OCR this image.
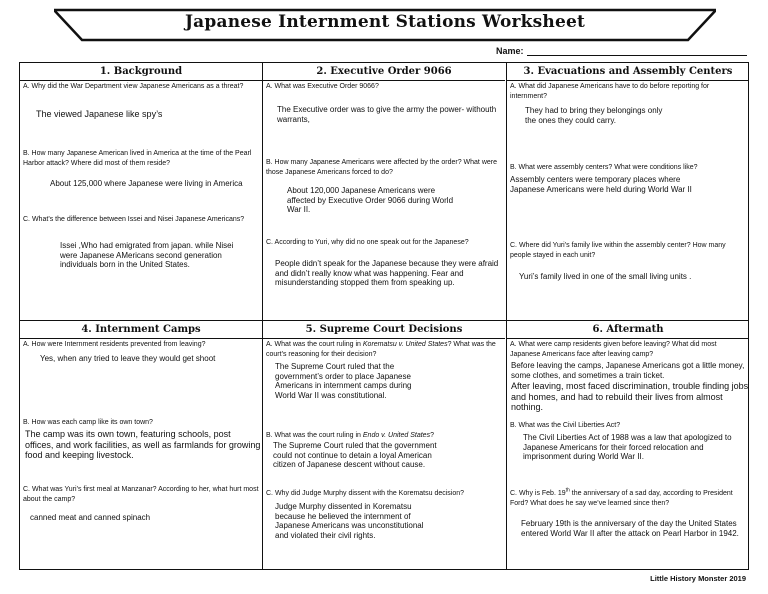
Japanese Internment Stations Worksheet
Name:
1. Background
A. Why did the War Department view Japanese Americans as a threat?
The viewed Japanese like spy’s
B. How many Japanese American lived in America at the time of the Pearl Harbor attack? Where did most of them reside?
About 125,000 where Japanese were living in America
C. What’s the difference between Issei and Nisei Japanese Americans?
Issei ,Who had emigrated from japan. while Nisei were Japanese AMericans second generation individuals born in the United States.
2. Executive Order 9066
A. What was Executive Order 9066?
The Executive order was to give the army the power- withouth warrants,
B. How many Japanese Americans were affected by the order? What were those Japanese Americans forced to do?
About 120,000 Japanese Americans were affected by Executive Order 9066 during World War II.
C. According to Yuri, why did no one speak out for the Japanese?
People didn’t speak for the Japanese because they were afraid and didn’t really know what was happening. Fear and misunderstanding stopped them from speaking up.
3. Evacuations and Assembly Centers
A. What did Japanese Americans have to do before reporting for internment?
They had to bring they belongings only the ones they could carry.
B. What were assembly centers? What were conditions like?
Assembly centers were temporary places where Japanese Americans were held during World War II
C. Where did Yuri’s family live within the assembly center? How many people stayed in each unit?
Yuri’s family lived in one of the small living units .
4. Internment Camps
A. How were Internment residents prevented from leaving?
Yes, when any tried to leave they would get shoot
B. How was each camp like its own town?
The camp was its own town, featuring schools, post offices, and work facilities, as well as farmlands for growing food and keeping livestock.
C. What was Yuri’s first meal at Manzanar? According to her, what hurt most about the camp?
canned meat and canned spinach
5. Supreme Court Decisions
A. What was the court ruling in Korematsu v. United States? What was the court’s reasoning for their decision?
The Supreme Court ruled that the government’s order to place Japanese Americans in internment camps during World War II was constitutional.
B. What was the court ruling in Endo v. United States?
The Supreme Court ruled that the government could not continue to detain a loyal American citizen of Japanese descent without cause.
C. Why did Judge Murphy dissent with the Korematsu decision?
Judge Murphy dissented in Korematsu because he believed the internment of Japanese Americans was unconstitutional and violated their civil rights.
6. Aftermath
A. What were camp residents given before leaving? What did most Japanese Americans face after leaving camp?
Before leaving the camps, Japanese Americans got a little money, some clothes, and sometimes a train ticket.
After leaving, most faced discrimination, trouble finding jobs and homes, and had to rebuild their lives from almost nothing.
B. What was the Civil Liberties Act?
The Civil Liberties Act of 1988 was a law that apologized to Japanese Americans for their forced relocation and imprisonment during World War II.
C. Why is Feb. 19th the anniversary of a sad day, according to President Ford? What does he say we’ve learned since then?
February 19th is the anniversary of the day the United States entered World War II after the attack on Pearl Harbor in 1942.
Little History Monster 2019
